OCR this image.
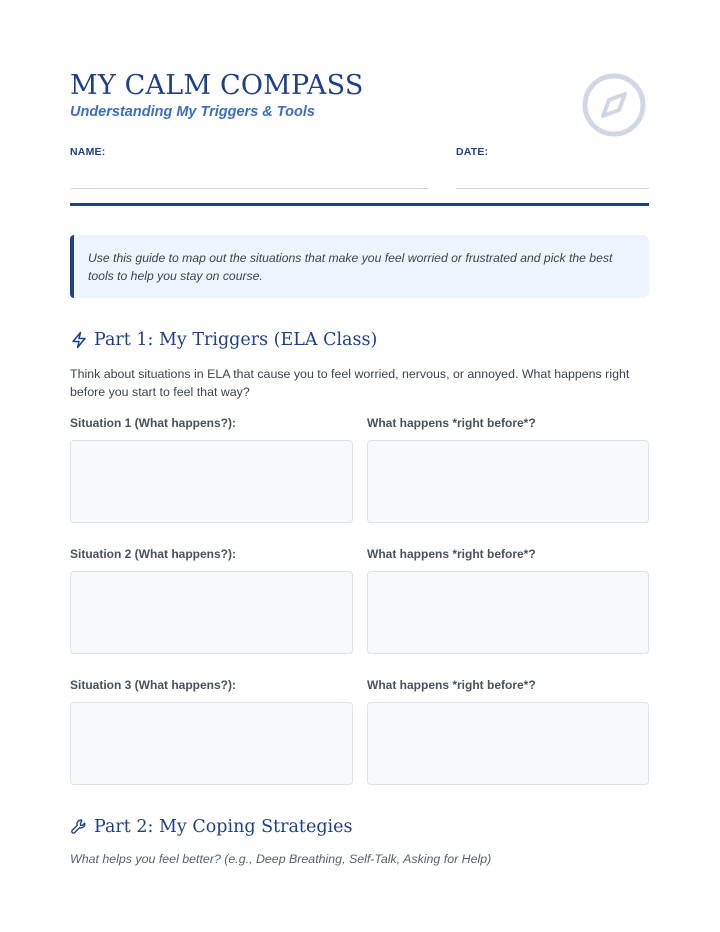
MY CALM COMPASS
Understanding My Triggers & Tools
NAME:	DATE:
Use this guide to map out the situations that make you feel worried or frustrated and pick the best tools to help you stay on course.
Part 1: My Triggers (ELA Class)
Think about situations in ELA that cause you to feel worried, nervous, or annoyed. What happens right before you start to feel that way?
Situation 1 (What happens?):	What happens *right before*?
Situation 2 (What happens?):	What happens *right before*?
Situation 3 (What happens?):	What happens *right before*?
Part 2: My Coping Strategies
What helps you feel better? (e.g., Deep Breathing, Self-Talk, Asking for Help)
